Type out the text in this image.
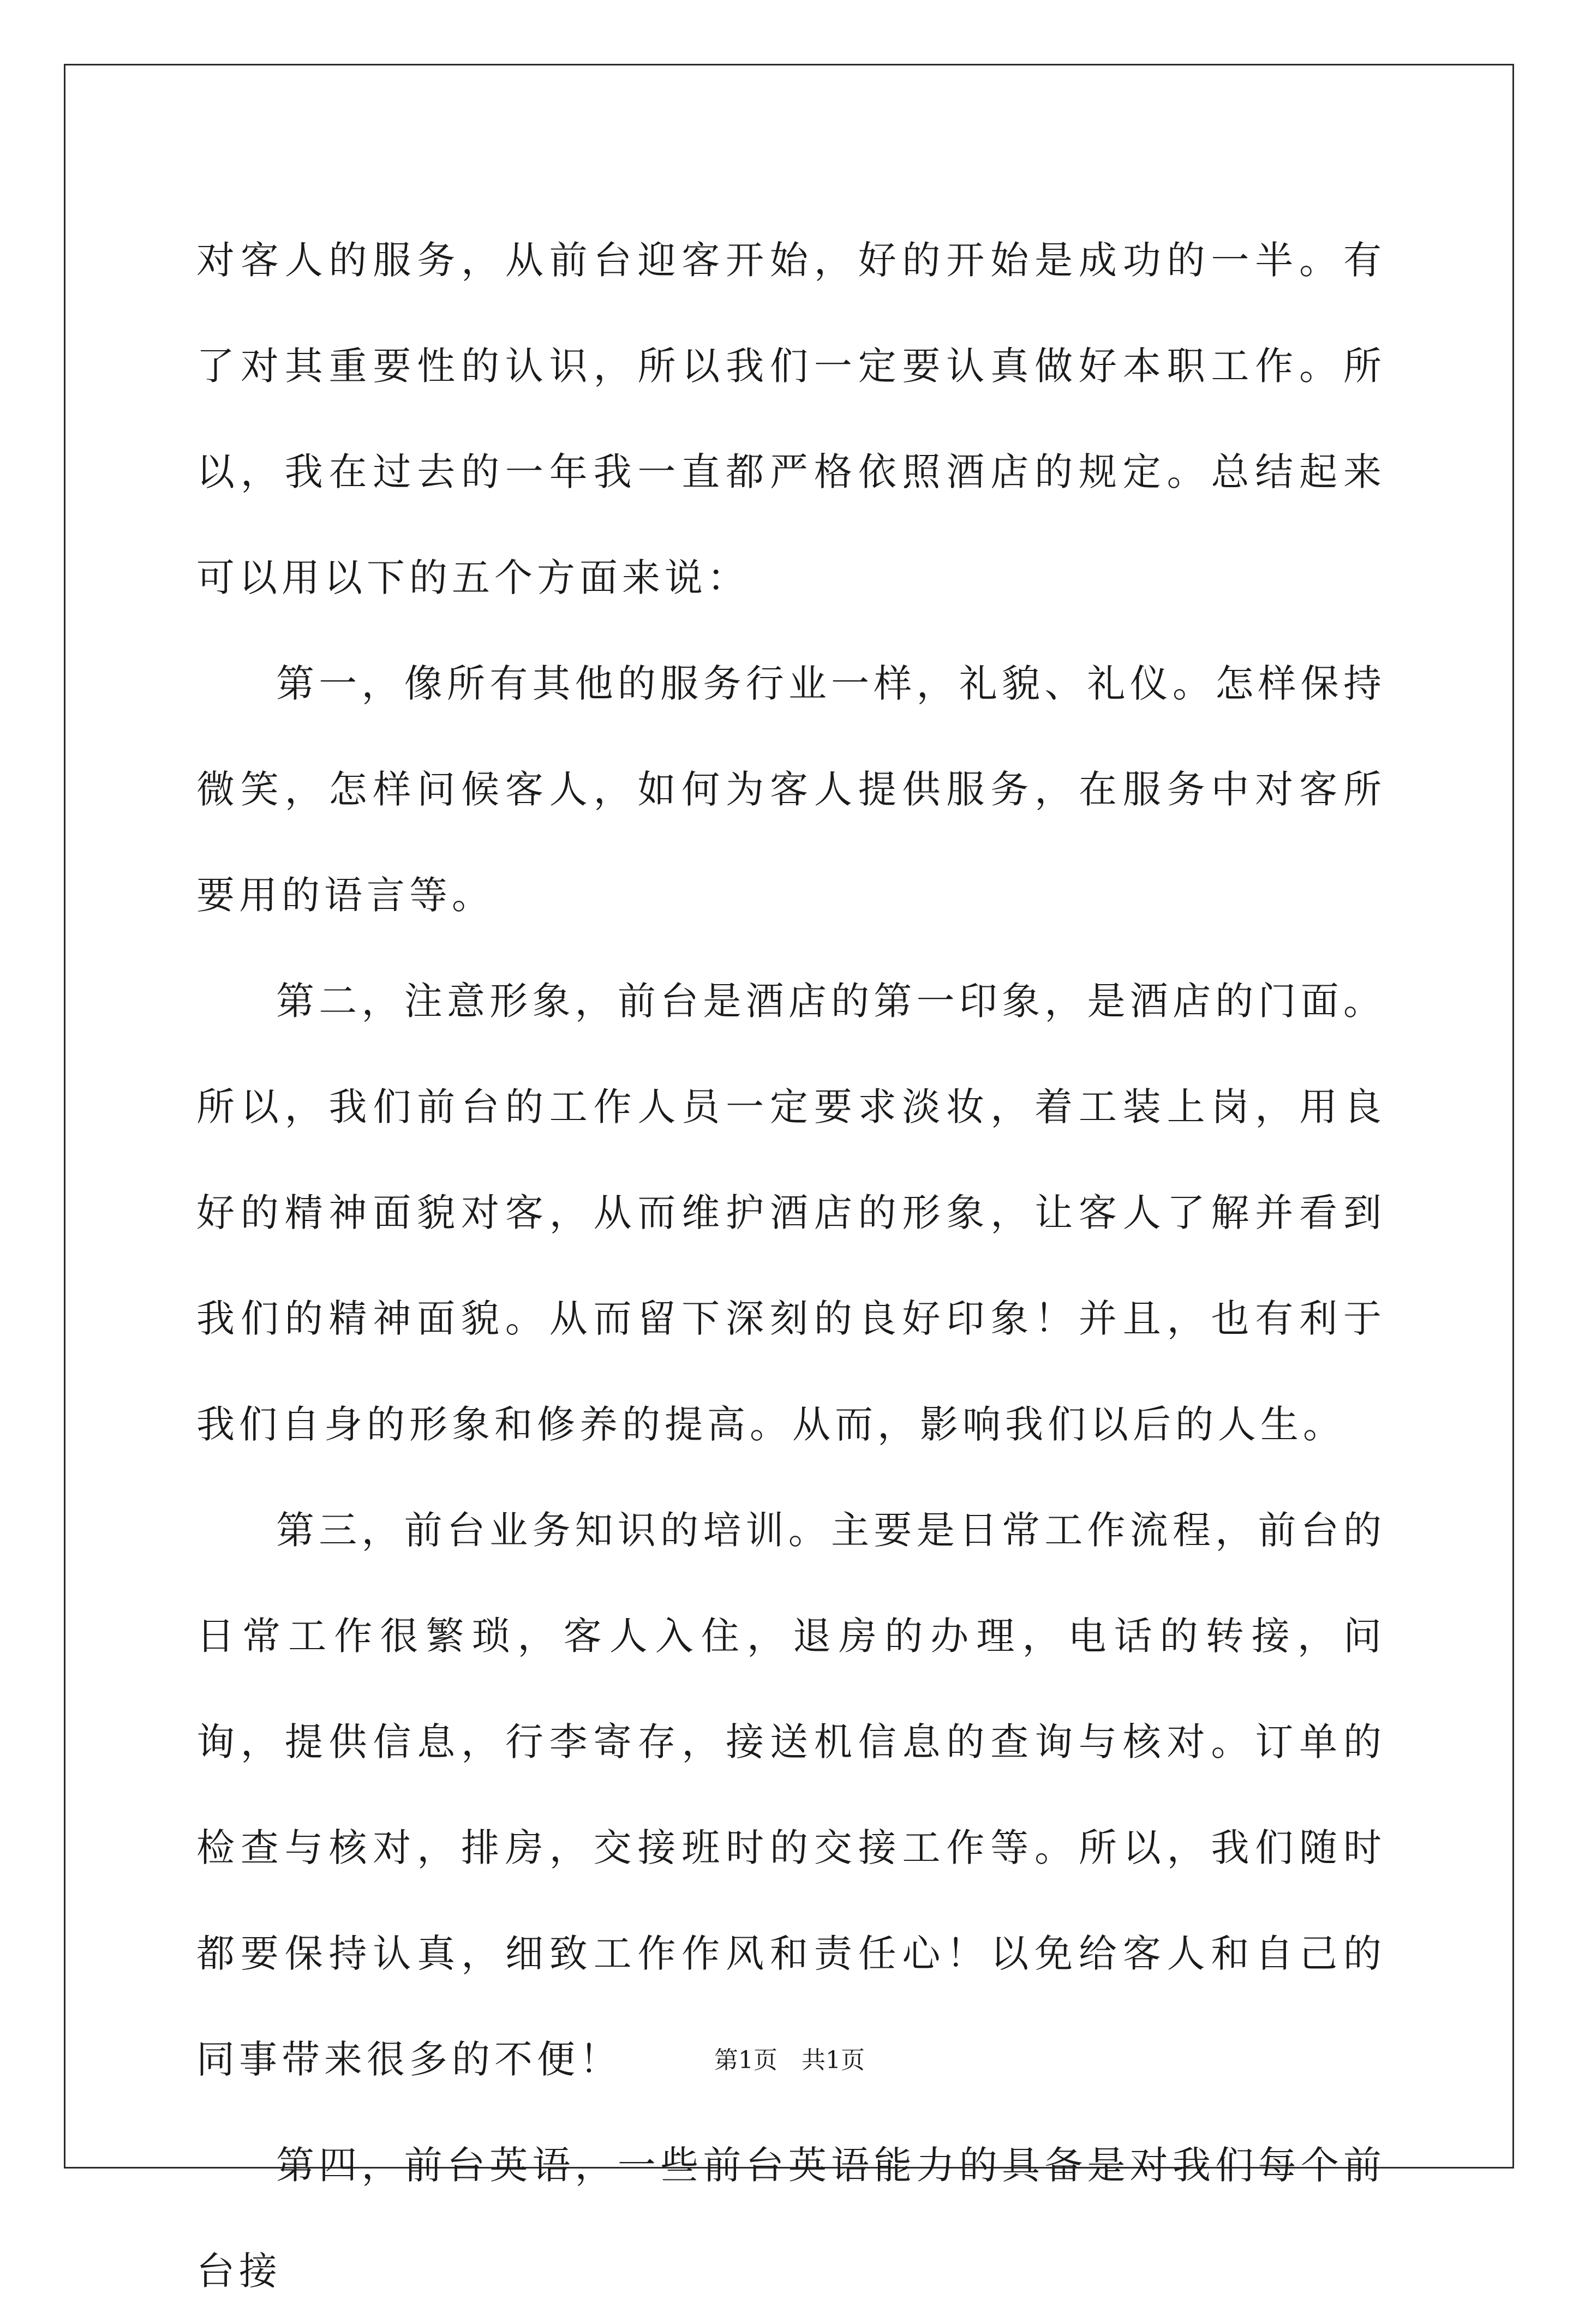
对客人的服务，从前台迎客开始，好的开始是成功的一半。有了对其重要性的认识，所以我们一定要认真做好本职工作。所以，我在过去的一年我一直都严格依照酒店的规定。总结起来可以用以下的五个方面来说：

第一，像所有其他的服务行业一样，礼貌、礼仪。怎样保持微笑，怎样问候客人，如何为客人提供服务，在服务中对客所要用的语言等。

第二，注意形象，前台是酒店的第一印象，是酒店的门面。所以，我们前台的工作人员一定要求淡妆，着工装上岗，用良好的精神面貌对客，从而维护酒店的形象，让客人了解并看到我们的精神面貌。从而留下深刻的良好印象！并且，也有利于我们自身的形象和修养的提高。从而，影响我们以后的人生。

第三，前台业务知识的培训。主要是日常工作流程，前台的日常工作很繁琐，客人入住，退房的办理，电话的转接，问询，提供信息，行李寄存，接送机信息的查询与核对。订单的检查与核对，排房，交接班时的交接工作等。所以，我们随时都要保持认真，细致工作作风和责任心！以免给客人和自己的同事带来很多的不便！

第四，前台英语，一些前台英语能力的具备是对我们每个前台接

第1页　共1页
